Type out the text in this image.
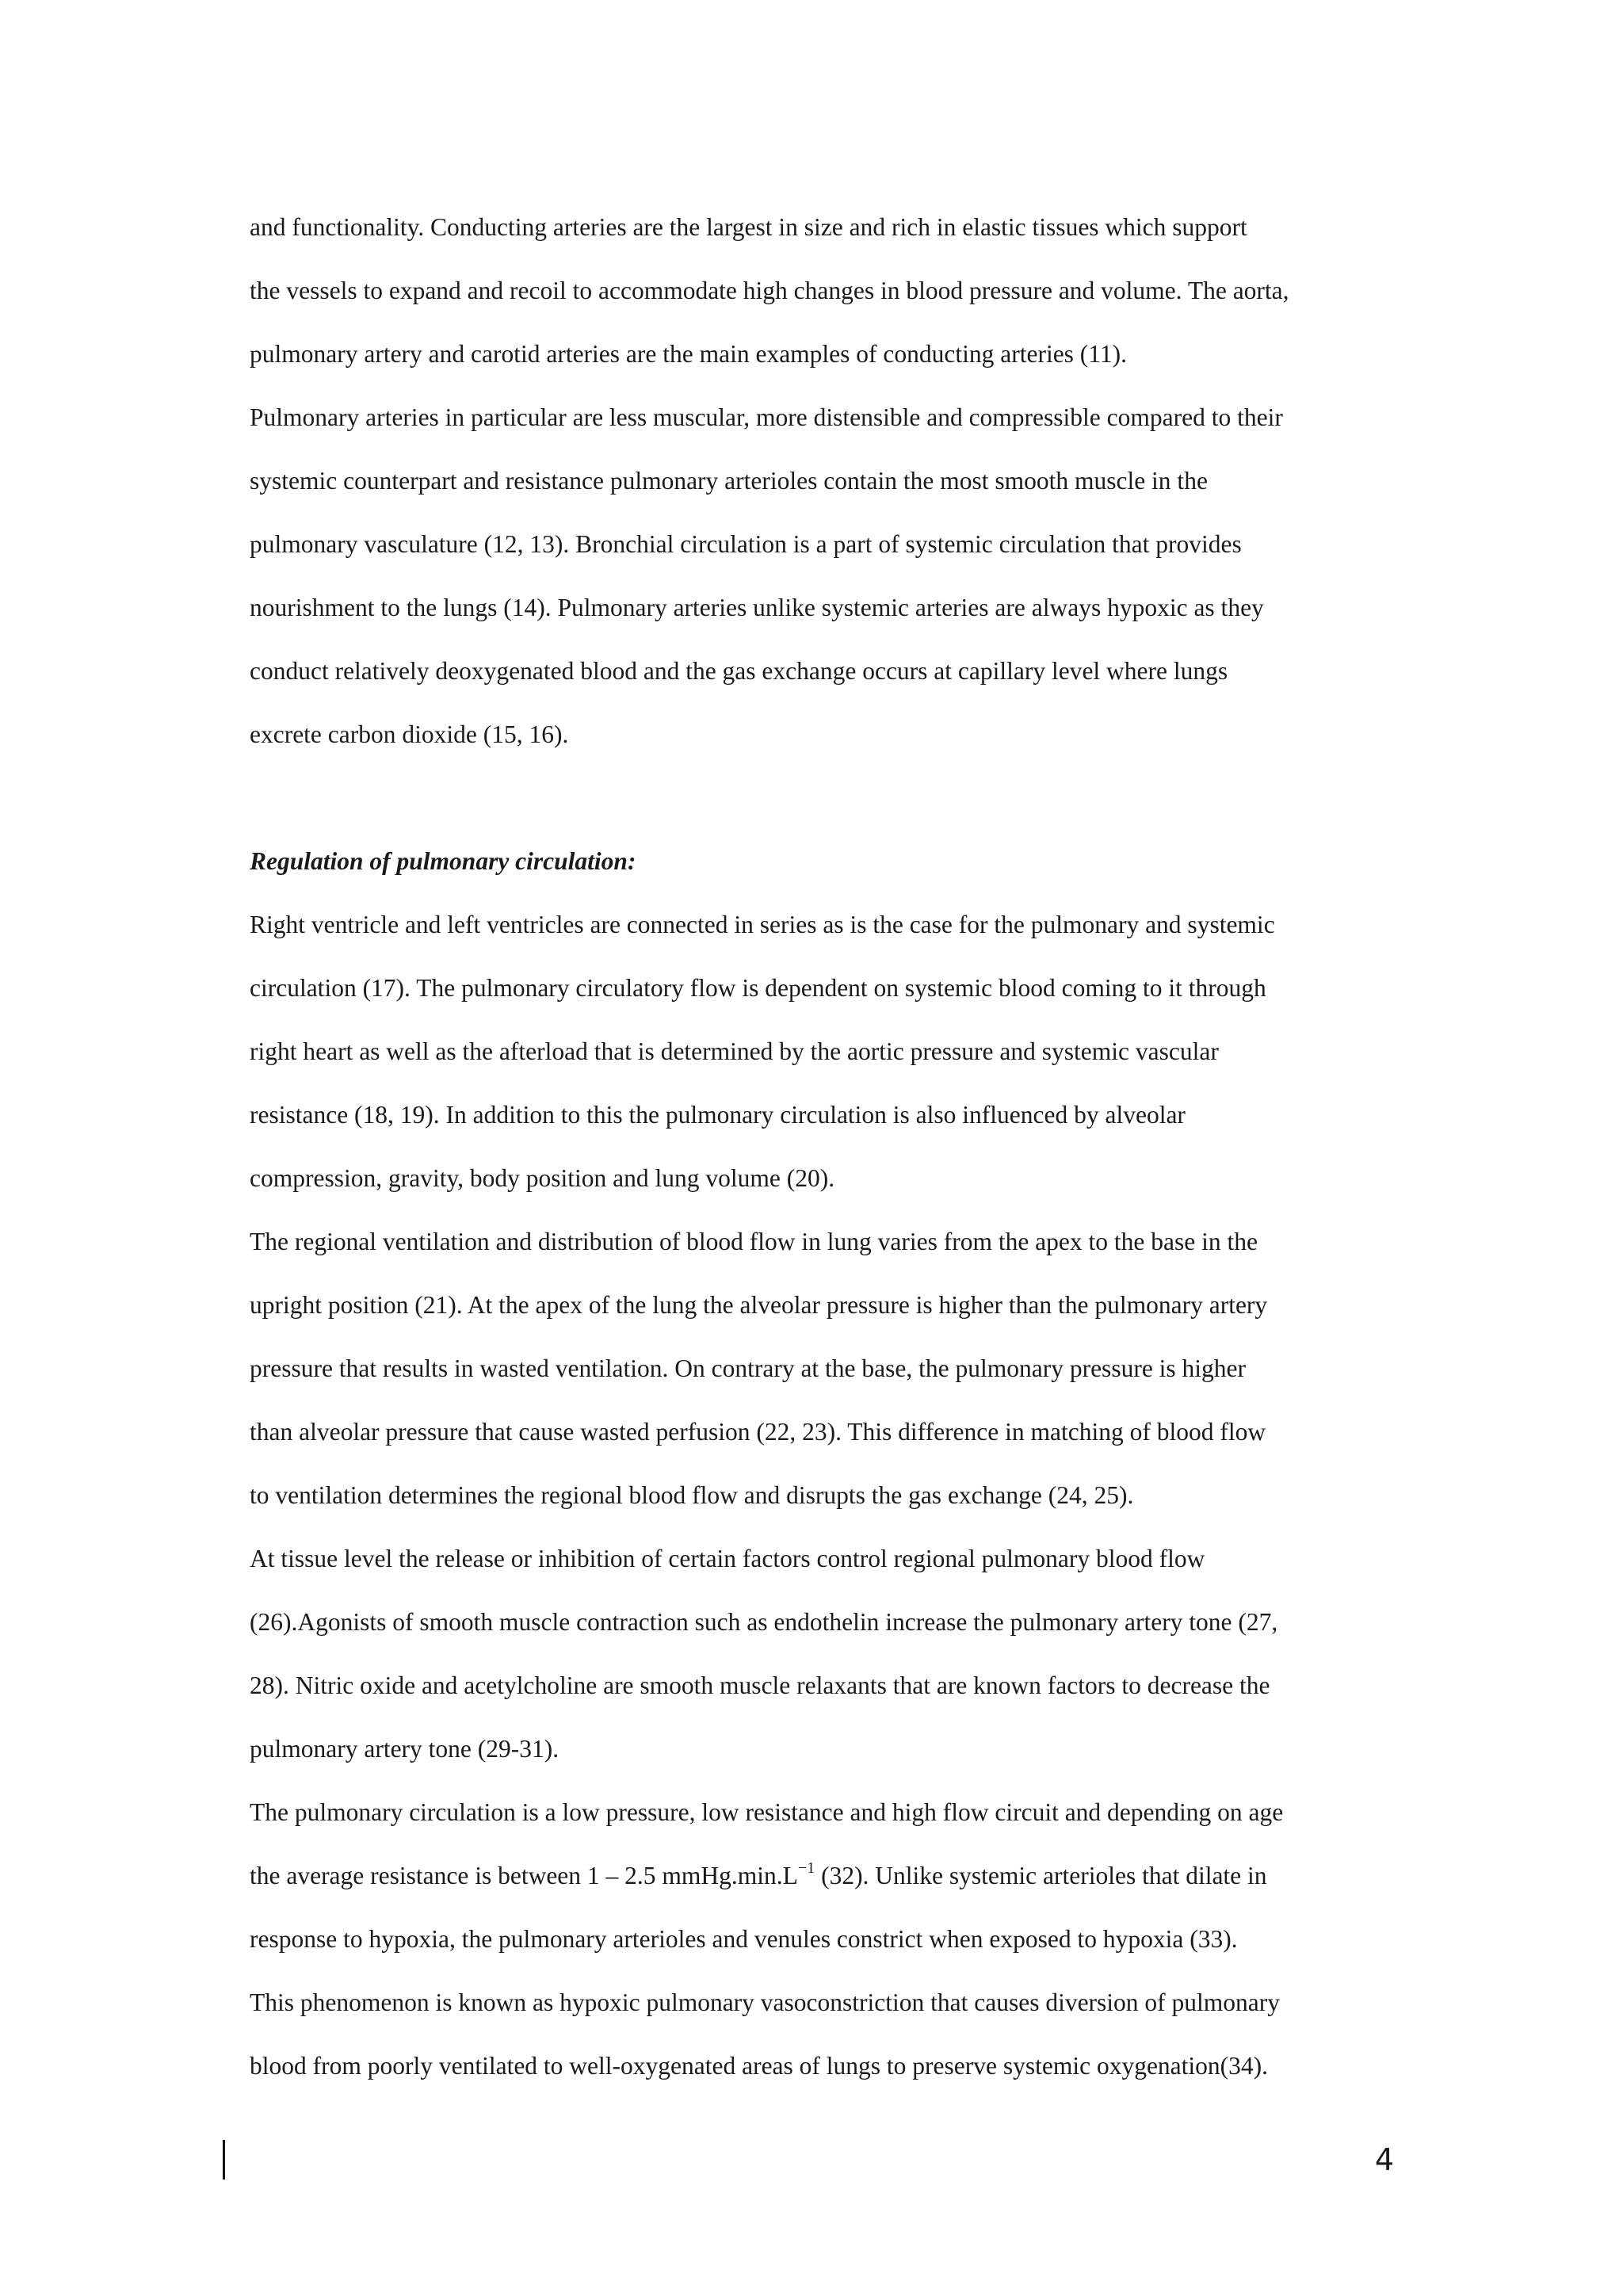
and functionality. Conducting arteries are the largest in size and rich in elastic tissues which support
the vessels to expand and recoil to accommodate high changes in blood pressure and volume. The aorta,
pulmonary artery and carotid arteries are the main examples of conducting arteries (11).
Pulmonary arteries in particular are less muscular, more distensible and compressible compared to their
systemic counterpart and resistance pulmonary arterioles contain the most smooth muscle in the
pulmonary vasculature (12, 13). Bronchial circulation is a part of systemic circulation that provides
nourishment to the lungs (14). Pulmonary arteries unlike systemic arteries are always hypoxic as they
conduct relatively deoxygenated blood and the gas exchange occurs at capillary level where lungs
excrete carbon dioxide (15, 16).
Regulation of pulmonary circulation:
Right ventricle and left ventricles are connected in series as is the case for the pulmonary and systemic
circulation (17). The pulmonary circulatory flow is dependent on systemic blood coming to it through
right heart as well as the afterload that is determined by the aortic pressure and systemic vascular
resistance (18, 19). In addition to this the pulmonary circulation is also influenced by alveolar
compression, gravity, body position and lung volume (20).
The regional ventilation and distribution of blood flow in lung varies from the apex to the base in the
upright position (21). At the apex of the lung the alveolar pressure is higher than the pulmonary artery
pressure that results in wasted ventilation. On contrary at the base, the pulmonary pressure is higher
than alveolar pressure that cause wasted perfusion (22, 23). This difference in matching of blood flow
to ventilation determines the regional blood flow and disrupts the gas exchange (24, 25).
At tissue level the release or inhibition of certain factors control regional pulmonary blood flow
(26).Agonists of smooth muscle contraction such as endothelin increase the pulmonary artery tone (27,
28). Nitric oxide and acetylcholine are smooth muscle relaxants that are known factors to decrease the
pulmonary artery tone (29-31).
The pulmonary circulation is a low pressure, low resistance and high flow circuit and depending on age
the average resistance is between 1 – 2.5 $mmHg.\min.L^{-1}$ (32). Unlike systemic arterioles that dilate in
response to hypoxia, the pulmonary arterioles and venules constrict when exposed to hypoxia (33).
This phenomenon is known as hypoxic pulmonary vasoconstriction that causes diversion of pulmonary
blood from poorly ventilated to well-oxygenated areas of lungs to preserve systemic oxygenation(34).
4
